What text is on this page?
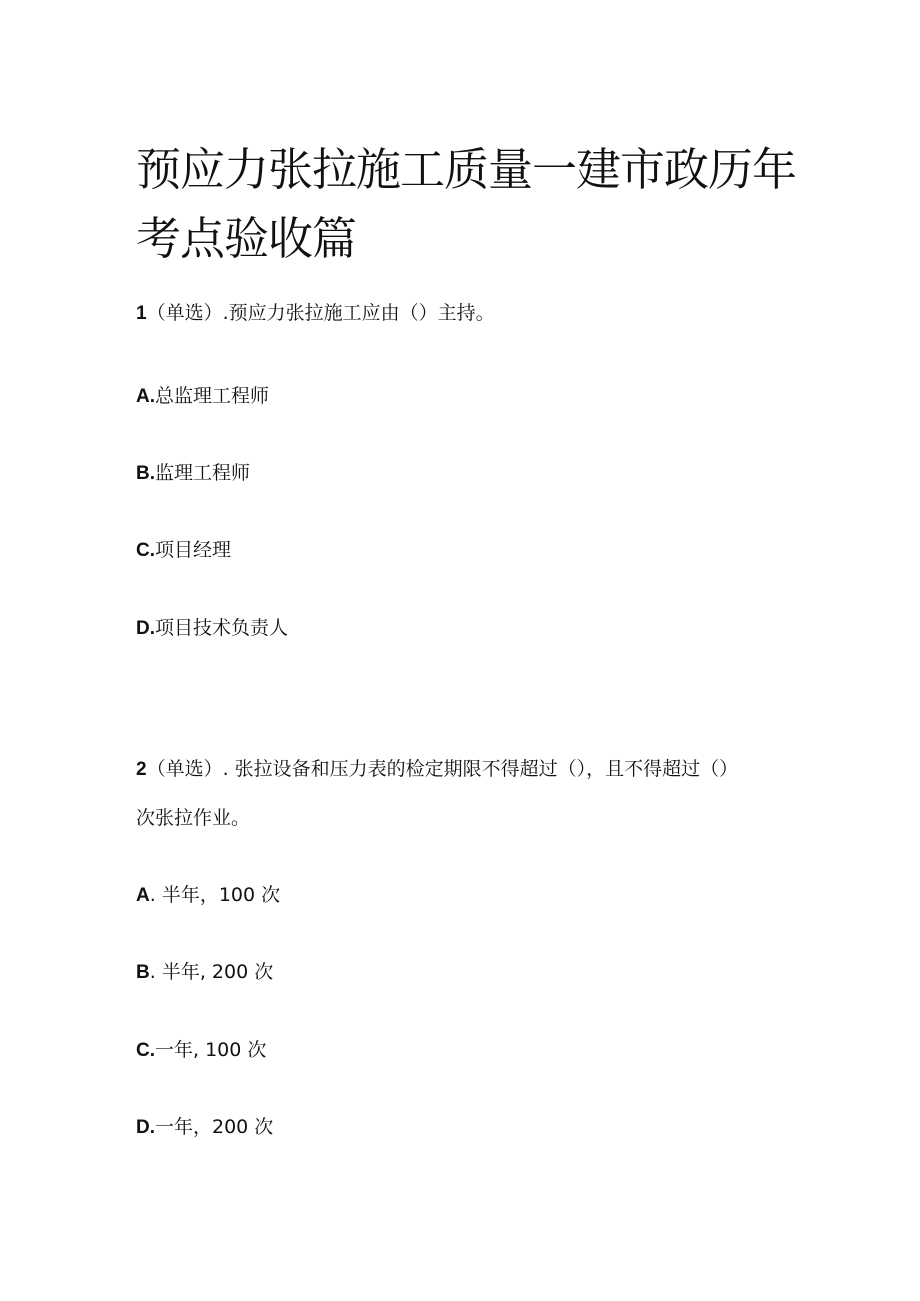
预应力张拉施工质量一建市政历年
考点验收篇
1（单选）.预应力张拉施工应由（）主持。
A.总监理工程师
B.监理工程师
C.项目经理
D.项目技术负责人
2（单选）. 张拉设备和压力表的检定期限不得超过（），且不得超过（）
次张拉作业。
A. 半年，100 次
B. 半年, 200 次
C.一年, 100 次
D.一年，200 次
